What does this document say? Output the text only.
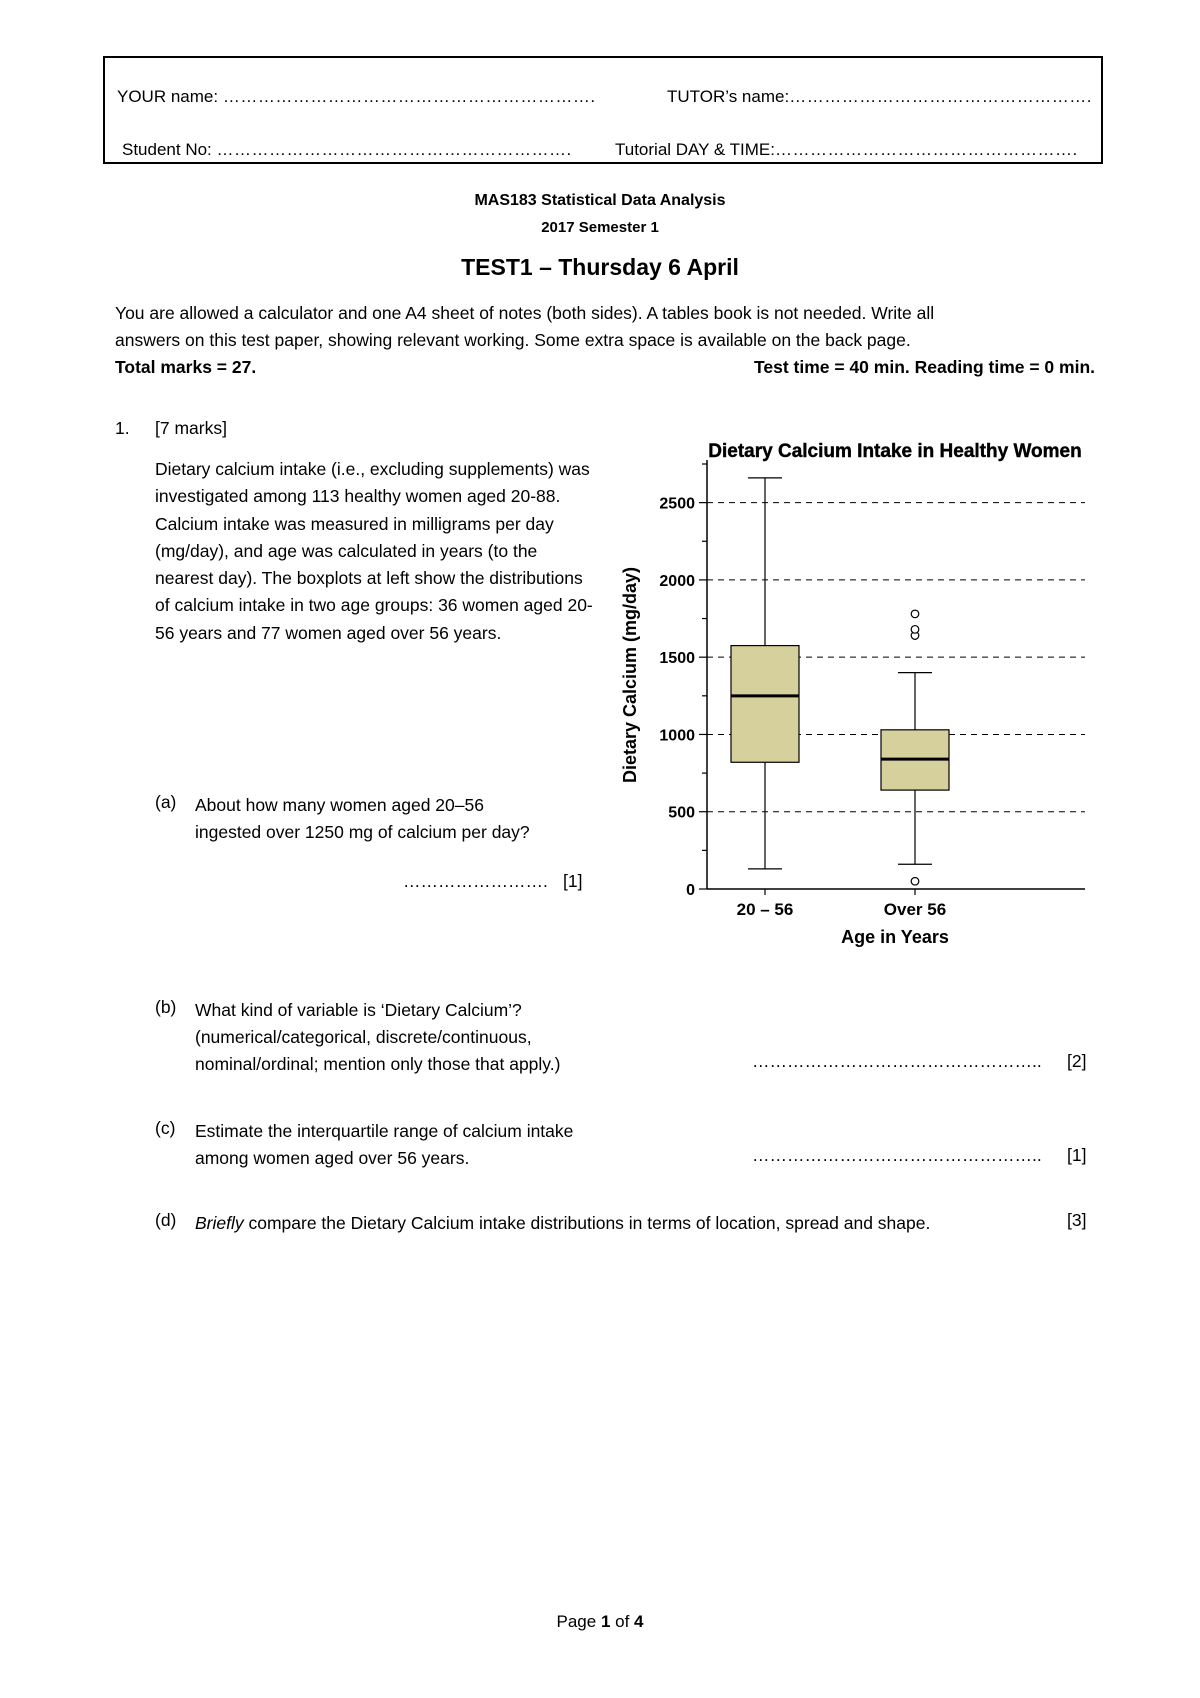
YOUR name: ……………………………………………………….	TUTOR’s name: …………………………………………….
Student No: …………………………………………………….	Tutorial DAY & TIME: …………………………………………….
MAS183 Statistical Data Analysis
2017 Semester 1
TEST1 – Thursday 6 April
You are allowed a calculator and one A4 sheet of notes (both sides). A tables book is not needed. Write all
answers on this test paper, showing relevant working. Some extra space is available on the back page.
Total marks = 27.	Test time = 40 min. Reading time = 0 min.
1. [7 marks]
Dietary calcium intake (i.e., excluding supplements) was investigated among 113 healthy women aged 20-88. Calcium intake was measured in milligrams per day (mg/day), and age was calculated in years (to the nearest day). The boxplots at left show the distributions of calcium intake in two age groups: 36 women aged 20-56 years and 77 women aged over 56 years.
Dietary Calcium Intake in Healthy Women
0
500
1000
1500
2000
2500
20 – 56	Over 56
Dietary Calcium (mg/day)
Age in Years
(a) About how many women aged 20–56
ingested over 1250 mg of calcium per day?
……………………. [1]
(b) What kind of variable is ‘Dietary Calcium’?
(numerical/categorical, discrete/continuous,
nominal/ordinal; mention only those that apply.)	………………………………………….. [2]
(c) Estimate the interquartile range of calcium intake
among women aged over 56 years.	………………………………………….. [1]
(d) Briefly compare the Dietary Calcium intake distributions in terms of location, spread and shape.	[3]
Page 1 of 4
